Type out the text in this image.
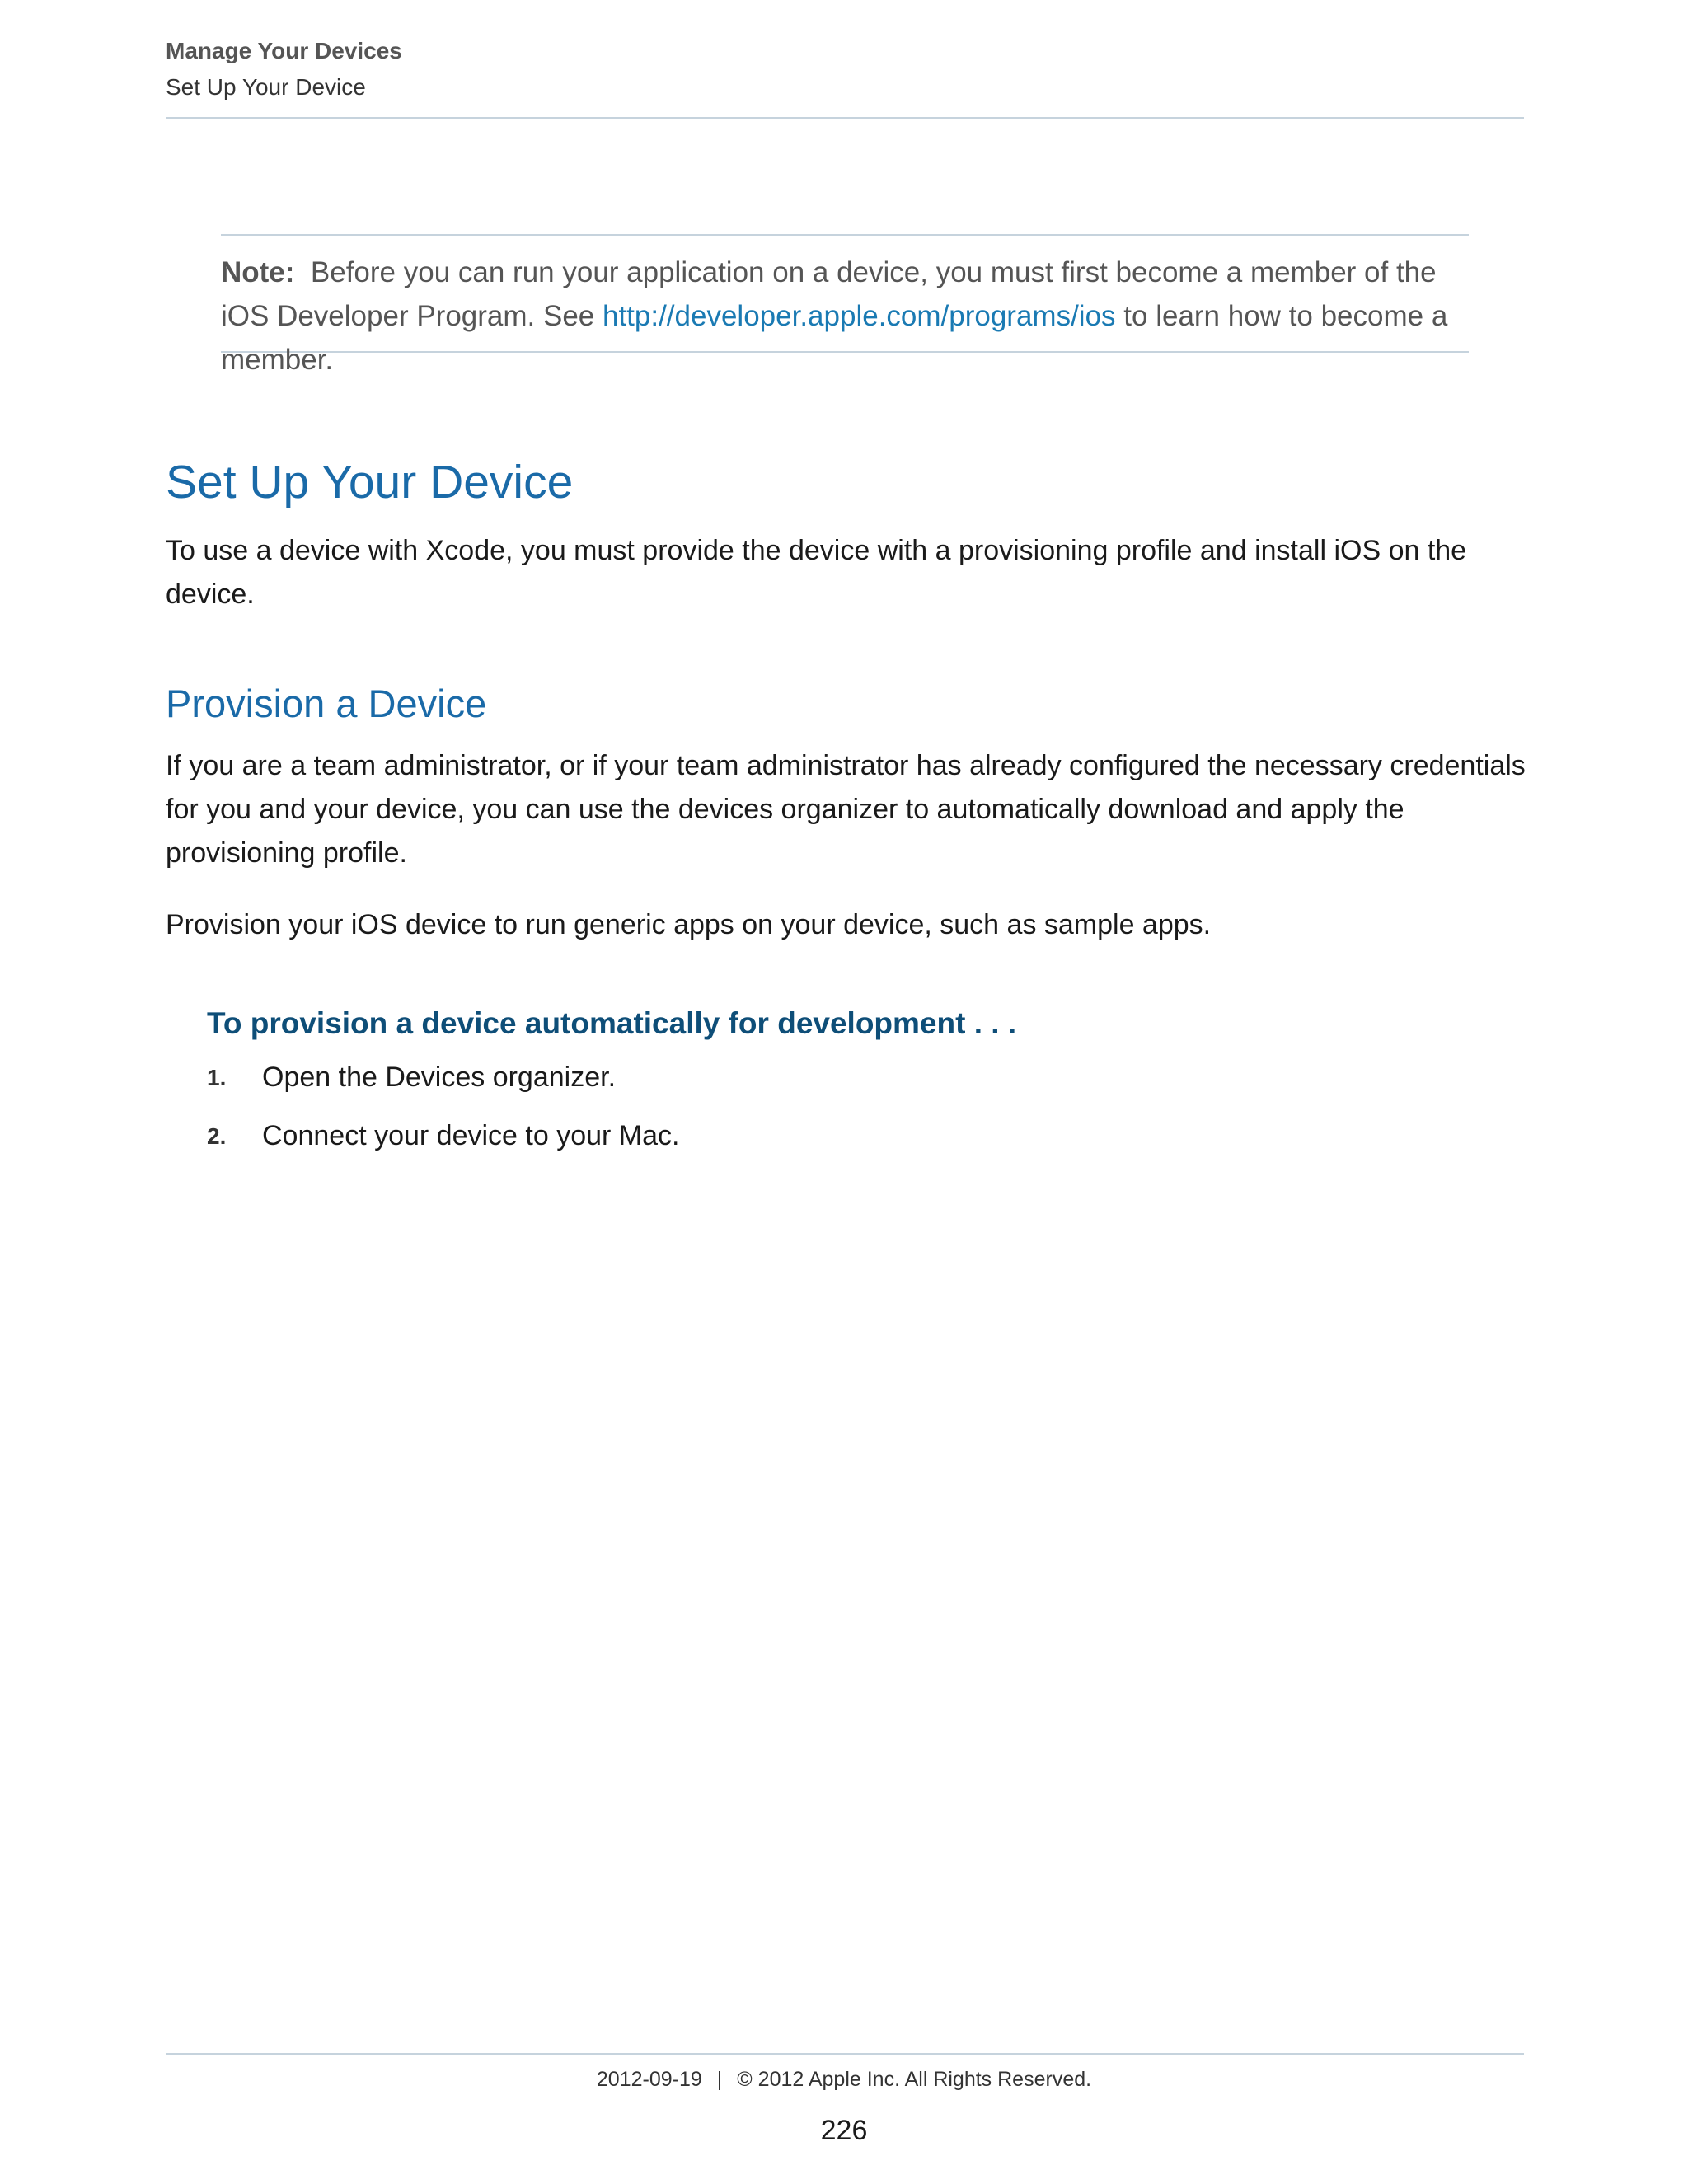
Manage Your Devices
Set Up Your Device
Note: Before you can run your application on a device, you must first become a member of the iOS Developer Program. See http://developer.apple.com/programs/ios to learn how to become a member.
Set Up Your Device
To use a device with Xcode, you must provide the device with a provisioning profile and install iOS on the device.
Provision a Device
If you are a team administrator, or if your team administrator has already configured the necessary credentials for you and your device, you can use the devices organizer to automatically download and apply the provisioning profile.
Provision your iOS device to run generic apps on your device, such as sample apps.
To provision a device automatically for development . . .
1. Open the Devices organizer.
2. Connect your device to your Mac.
2012-09-19 | © 2012 Apple Inc. All Rights Reserved.
226
